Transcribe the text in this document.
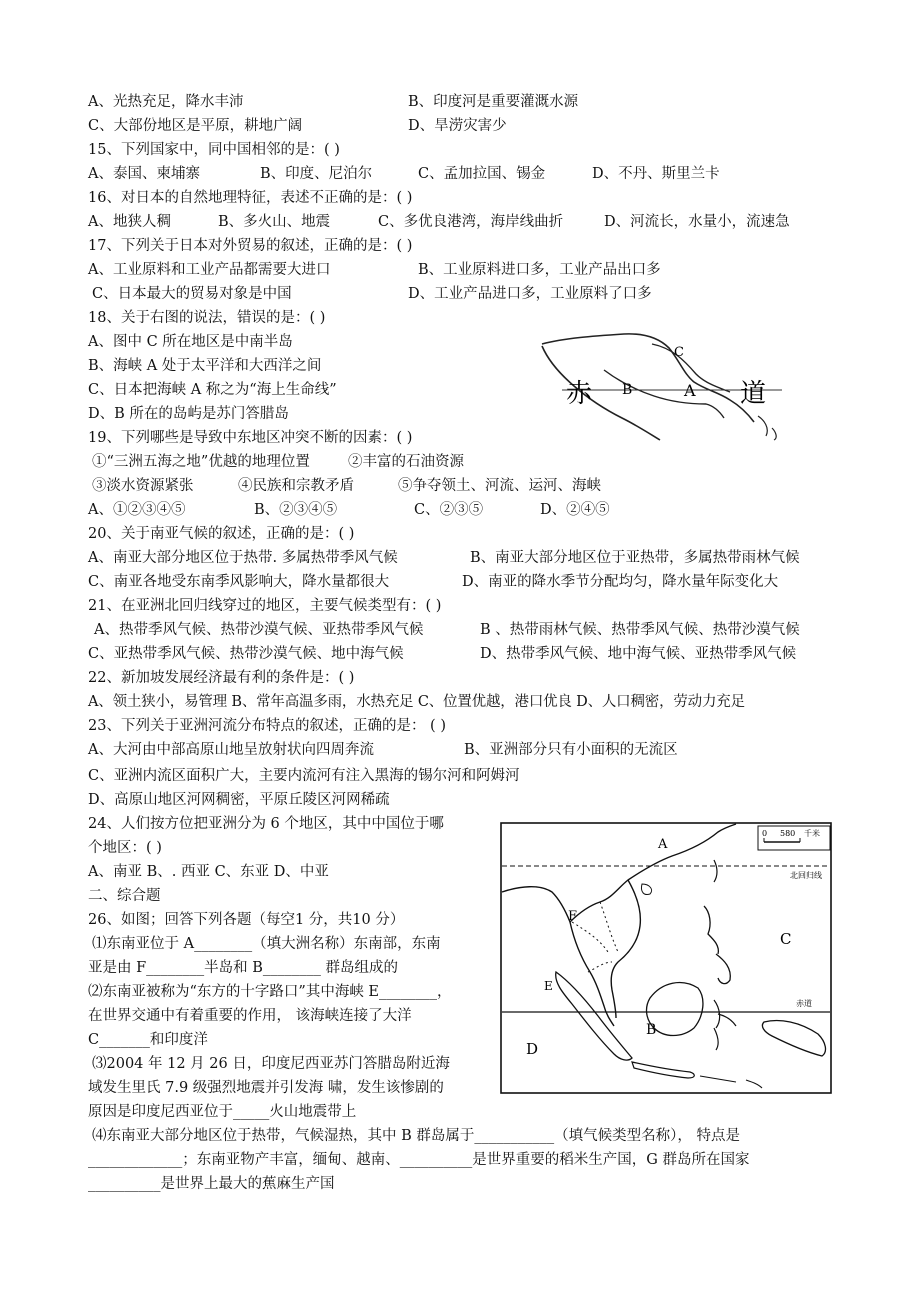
A、光热充足，降水丰沛	B、印度河是重要灌溉水源
C、大部份地区是平原，耕地广阔	D、旱涝灾害少
15、下列国家中，同中国相邻的是：( )
A、泰国、柬埔寨	B、印度、尼泊尔	C、孟加拉国、锡金	D、不丹、斯里兰卡
16、对日本的自然地理特征，表述不正确的是：( )
A、地狭人稠	B、多火山、地震	C、多优良港湾，海岸线曲折	D、河流长，水量小，流速急
17、下列关于日本对外贸易的叙述，正确的是：( )
A、工业原料和工业产品都需要大进口	B、工业原料进口多，工业产品出口多
C、日本最大的贸易对象是中国	D、工业产品进口多，工业原料了口多
18、关于右图的说法，错误的是：( )
A、图中 C 所在地区是中南半岛
B、海峡 A 处于太平洋和大西洋之间
C、日本把海峡 A 称之为“海上生命线”
D、B 所在的岛屿是苏门答腊岛
C
B	A
赤	道
19、下列哪些是导致中东地区冲突不断的因素：( )
①“三洲五海之地”优越的地理位置	②丰富的石油资源
③淡水资源紧张	④民族和宗教矛盾	⑤争夺领土、河流、运河、海峡
A、①②③④⑤	B、②③④⑤	C、②③⑤	D、②④⑤
20、关于南亚气候的叙述，正确的是：( )
A、南亚大部分地区位于热带. 多属热带季风气候	B、南亚大部分地区位于亚热带，多属热带雨林气候
C、南亚各地受东南季风影响大，降水量都很大	D、南亚的降水季节分配均匀，降水量年际变化大
21、在亚洲北回归线穿过的地区，主要气候类型有：( )
A、热带季风气候、热带沙漠气候、亚热带季风气候	B 、热带雨林气候、热带季风气候、热带沙漠气候
C、亚热带季风气候、热带沙漠气候、地中海气候	D、热带季风气候、地中海气候、亚热带季风气候
22、新加坡发展经济最有利的条件是：( )
A、领土狭小，易管理 B、常年高温多雨，水热充足 C、位置优越，港口优良 D、人口稠密，劳动力充足
23、下列关于亚洲河流分布特点的叙述，正确的是： ( )
A、大河由中部高原山地呈放射状向四周奔流	B、亚洲部分只有小面积的无流区
C、亚洲内流区面积广大，主要内流河有注入黑海的锡尔河和阿姆河
D、高原山地区河网稠密，平原丘陵区河网稀疏
24、人们按方位把亚洲分为 6 个地区，其中中国位于哪
个地区：( )
A、南亚 B、. 西亚 C、东亚 D、中亚
二、综合题
26、如图；回答下列各题（每空1 分，共10 分）
⑴东南亚位于 A________（填大洲名称）东南部，东南
亚是由 F________半岛和 B________ 群岛组成的
⑵东南亚被称为“东方的十字路口”其中海峡 E________，
在世界交通中有着重要的作用， 该海峡连接了大洋
C_______和印度洋
⑶2004 年 12 月 26 日，印度尼西亚苏门答腊岛附近海
域发生里氏 7.9 级强烈地震并引发海 啸，发生该惨剧的
原因是印度尼西亚位于_____火山地震带上
⑷东南亚大部分地区位于热带，气候湿热，其中 B 群岛属于___________（填气候类型名称）， 特点是
_____________；东南亚物产丰富，缅甸、越南、__________是世界重要的稻米生产国，G 群岛所在国家
__________是世界上最大的蕉麻生产国
0 580 千米
北回归线
赤道
A
C
F
E
B
D
